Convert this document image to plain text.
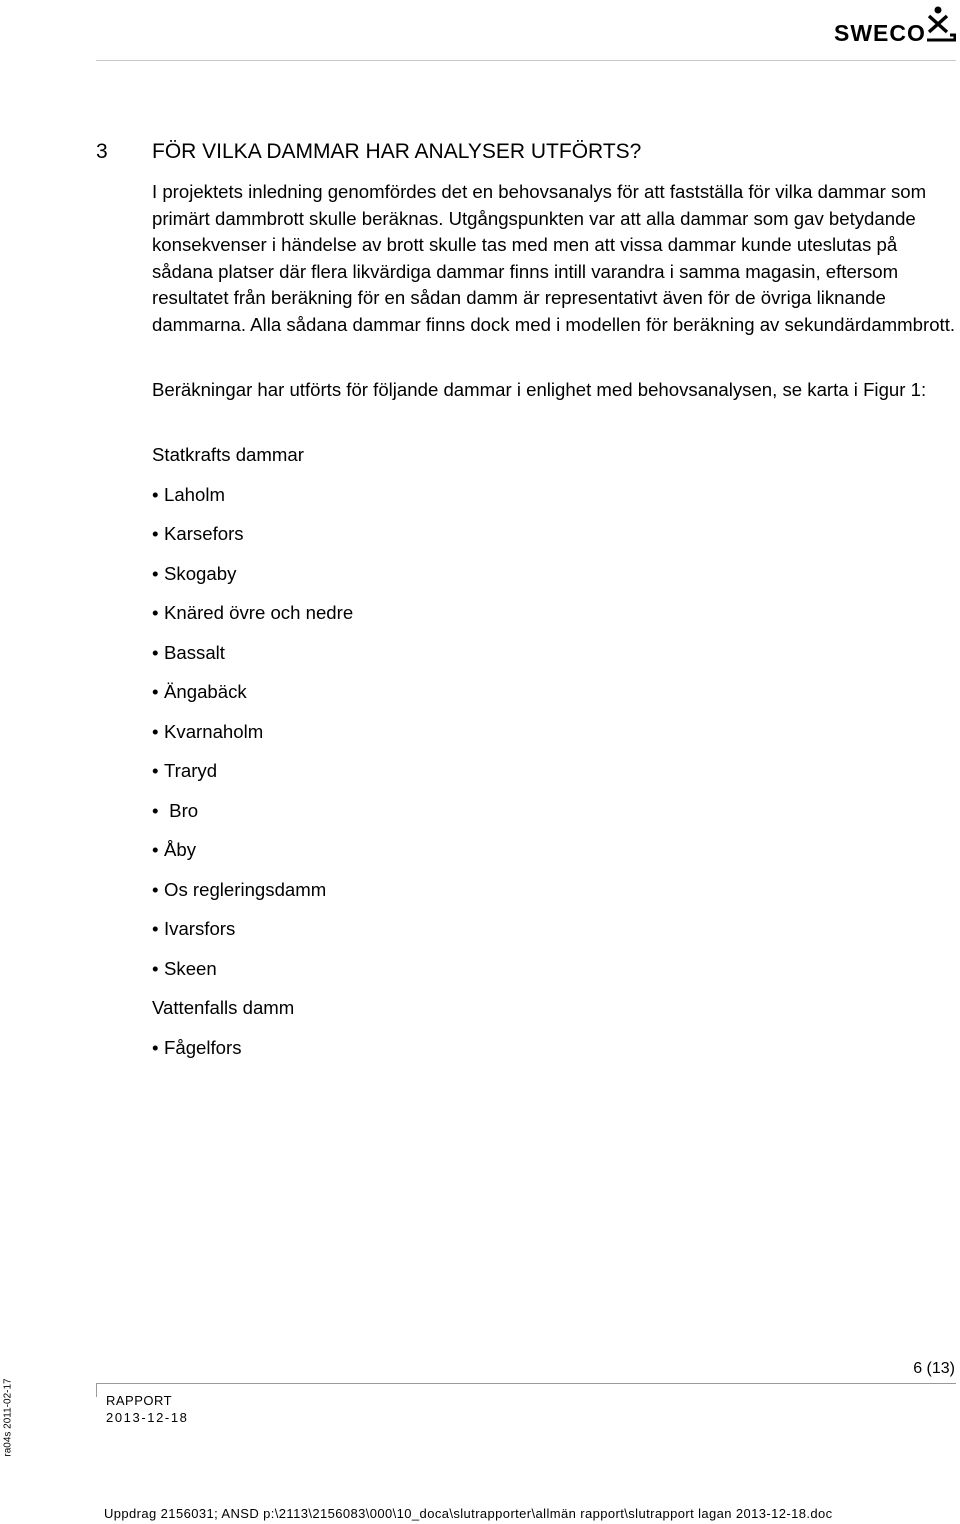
SWECO
3 FÖR VILKA DAMMAR HAR ANALYSER UTFÖRTS?

I projektets inledning genomfördes det en behovsanalys för att fastställa för vilka dammar som primärt dammbrott skulle beräknas. Utgångspunkten var att alla dammar som gav betydande konsekvenser i händelse av brott skulle tas med men att vissa dammar kunde uteslutas på sådana platser där flera likvärdiga dammar finns intill varandra i samma magasin, eftersom resultatet från beräkning för en sådan damm är representativt även för de övriga liknande dammarna. Alla sådana dammar finns dock med i modellen för beräkning av sekundärdammbrott.

Beräkningar har utförts för följande dammar i enlighet med behovsanalysen, se karta i Figur 1:

Statkrafts dammar
• Laholm
• Karsefors
• Skogaby
• Knäred övre och nedre
• Bassalt
• Ängabäck
• Kvarnaholm
• Traryd
• Bro
• Åby
• Os regleringsdamm
• Ivarsfors
• Skeen
Vattenfalls damm
• Fågelfors
6 (13)
RAPPORT
2013-12-18
ra04s 2011-02-17
Uppdrag 2156031; ANSD p:\2113\2156083\000\10_doca\slutrapporter\allmän rapport\slutrapport lagan 2013-12-18.doc
